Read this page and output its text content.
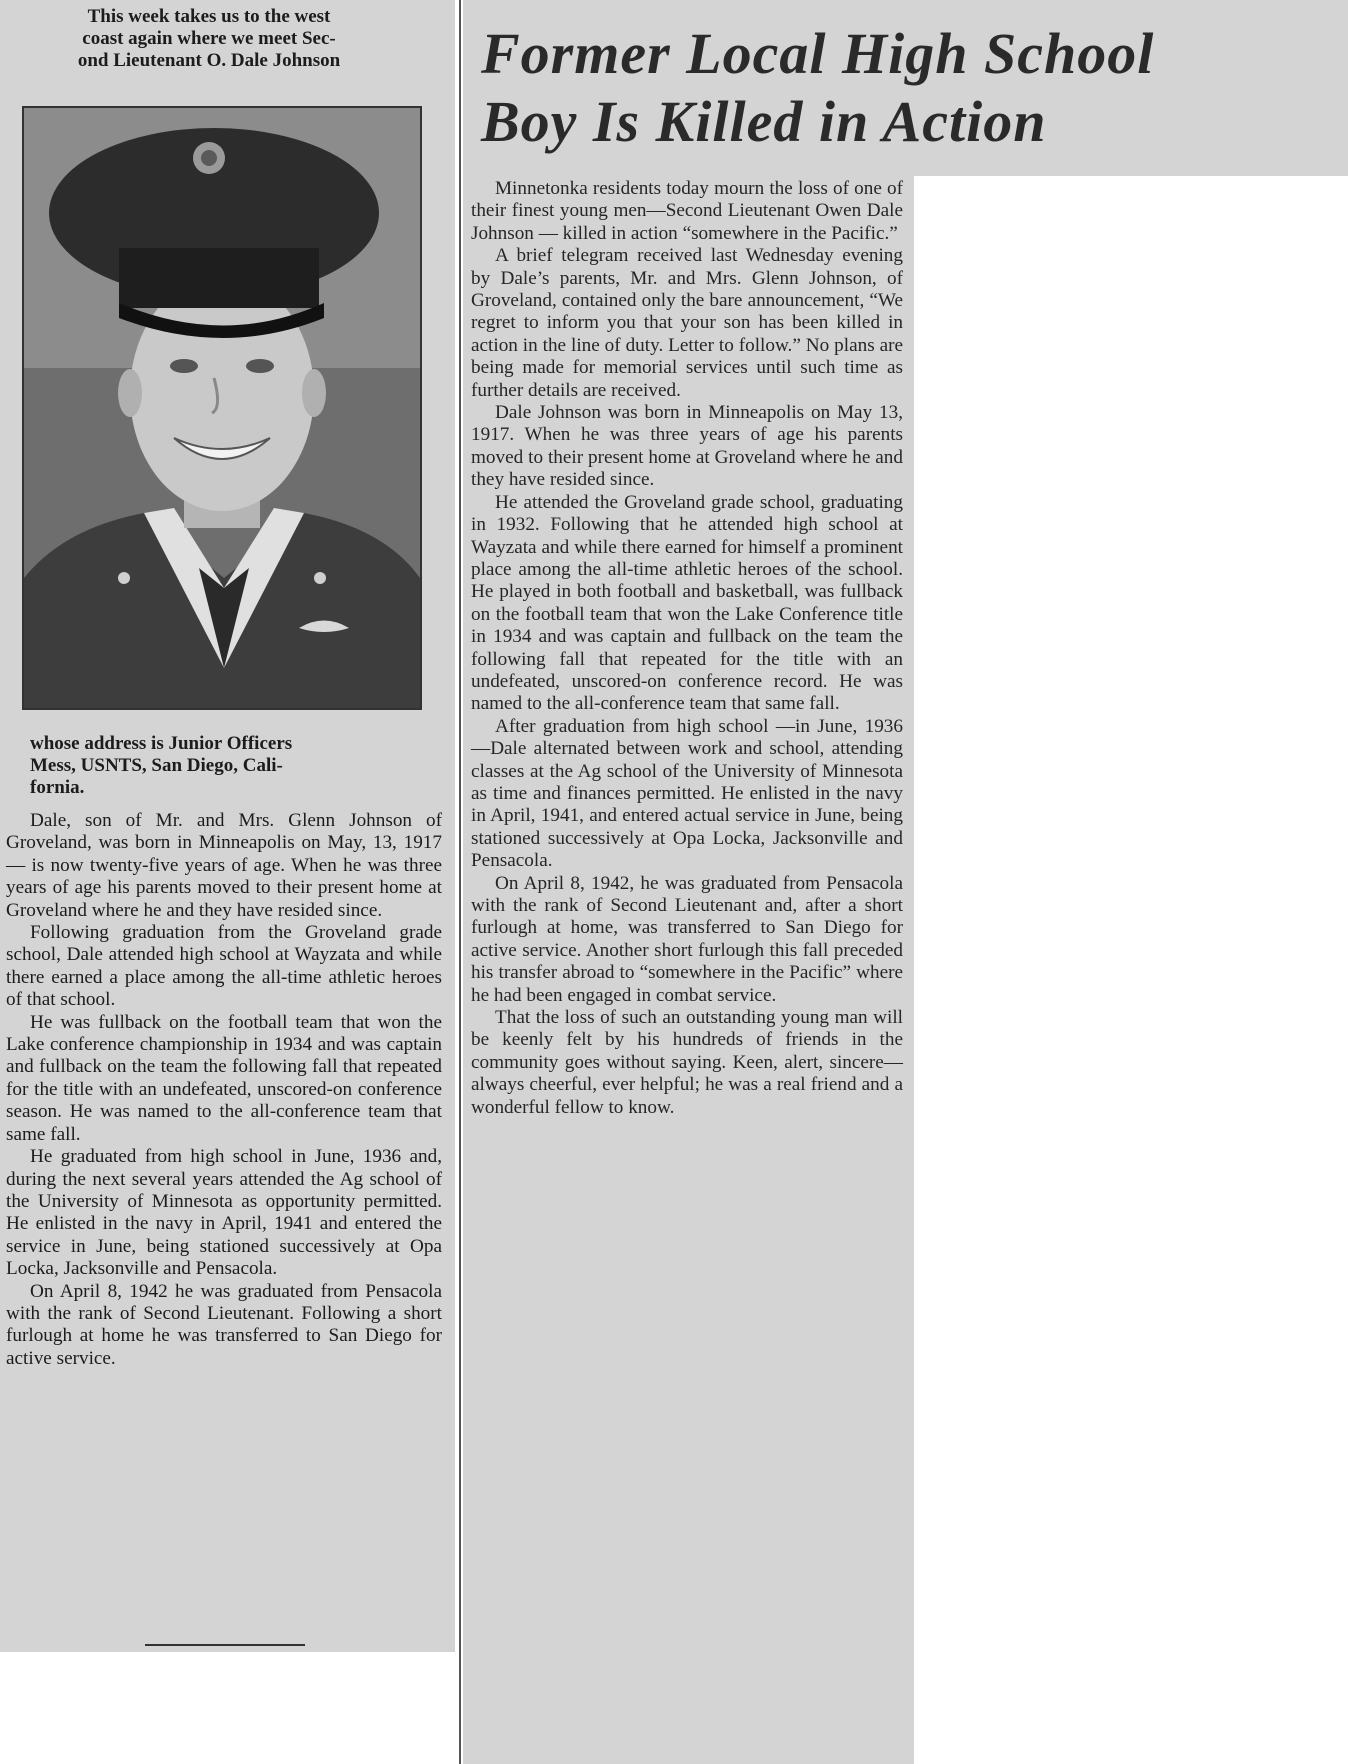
This week takes us to the west

coast again where we meet Sec-

ond Lieutenant O. Dale Johnson

whose address is Junior Officers

Mess, USNTS, San Diego, Cali-

fornia.

Dale, son of Mr. and Mrs. Glenn Johnson of Groveland, was born in Minneapolis on May, 13, 1917 — is now twenty-five years of age. When he was three years of age his parents moved to their present home at Groveland where he and they have resided since.

Following graduation from the Groveland grade school, Dale attended high school at Wayzata and while there earned a place among the all-time athletic heroes of that school.

He was fullback on the football team that won the Lake conference championship in 1934 and was captain and fullback on the team the following fall that repeated for the title with an undefeated, unscored-on conference season. He was named to the all-conference team that same fall.

He graduated from high school in June, 1936 and, during the next several years attended the Ag school of the University of Minnesota as opportunity permitted. He enlisted in the navy in April, 1941 and entered the service in June, being stationed successively at Opa Locka, Jacksonville and Pensacola.

On April 8, 1942 he was graduated from Pensacola with the rank of Second Lieutenant. Following a short furlough at home he was transferred to San Diego for active service.

Former Local High School
Boy Is Killed in Action

Minnetonka residents today mourn the loss of one of their finest young men—Second Lieutenant Owen Dale Johnson — killed in action “somewhere in the Pacific.”

A brief telegram received last Wednesday evening by Dale’s parents, Mr. and Mrs. Glenn Johnson, of Groveland, contained only the bare announcement, “We regret to inform you that your son has been killed in action in the line of duty. Letter to follow.” No plans are being made for memorial services until such time as further details are received.

Dale Johnson was born in Minneapolis on May 13, 1917. When he was three years of age his parents moved to their present home at Groveland where he and they have resided since.

He attended the Groveland grade school, graduating in 1932. Following that he attended high school at Wayzata and while there earned for himself a prominent place among the all-time athletic heroes of the school. He played in both football and basketball, was fullback on the football team that won the Lake Conference title in 1934 and was captain and fullback on the team the following fall that repeated for the title with an undefeated, unscored-on conference record. He was named to the all-conference team that same fall.

After graduation from high school —in June, 1936—Dale alternated between work and school, attending classes at the Ag school of the University of Minnesota as time and finances permitted. He enlisted in the navy in April, 1941, and entered actual service in June, being stationed successively at Opa Locka, Jacksonville and Pensacola.

On April 8, 1942, he was graduated from Pensacola with the rank of Second Lieutenant and, after a short furlough at home, was transferred to San Diego for active service. Another short furlough this fall preceded his transfer abroad to “somewhere in the Pacific” where he had been engaged in combat service.

That the loss of such an outstanding young man will be keenly felt by his hundreds of friends in the community goes without saying. Keen, alert, sincere—always cheerful, ever helpful; he was a real friend and a wonderful fellow to know.
